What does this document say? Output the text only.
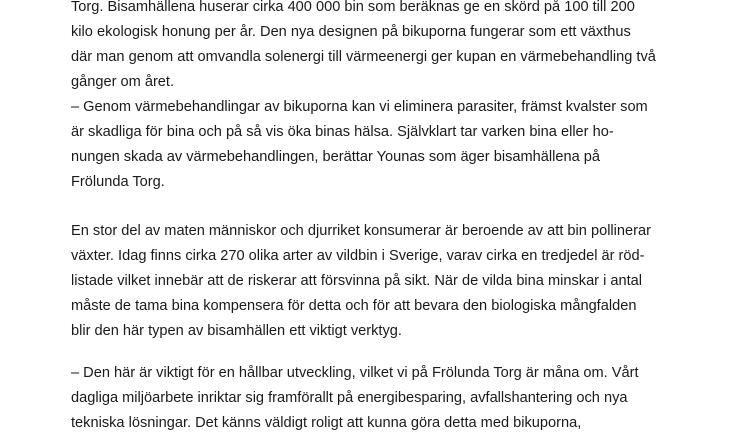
Torg. Bisamhällena huserar cirka 400 000 bin som beräknas ge en skörd på 100 till 200
kilo ekologisk honung per år. Den nya designen på bikuporna fungerar som ett växthus
där man genom att omvandla solenergi till värmeenergi ger kupan en värmebehandling två
gånger om året.
– Genom värmebehandlingar av bikuporna kan vi eliminera parasiter, främst kvalster som
är skadliga för bina och på så vis öka binas hälsa. Självklart tar varken bina eller ho-
nungen skada av värmebehandlingen, berättar Younas som äger bisamhällena på
Frölunda Torg.
En stor del av maten människor och djurriket konsumerar är beroende av att bin pollinerar
växter. Idag finns cirka 270 olika arter av vildbin i Sverige, varav cirka en tredjedel är röd-
listade vilket innebär att de riskerar att försvinna på sikt. När de vilda bina minskar i antal
måste de tama bina kompensera för detta och för att bevara den biologiska mångfalden
blir den här typen av bisamhällen ett viktigt verktyg.
– Den här är viktigt för en hållbar utveckling, vilket vi på Frölunda Torg är måna om. Vårt
dagliga miljöarbete inriktar sig framförallt på energibesparing, avfallshantering och nya
tekniska lösningar. Det känns väldigt roligt att kunna göra detta med bikuporna,
